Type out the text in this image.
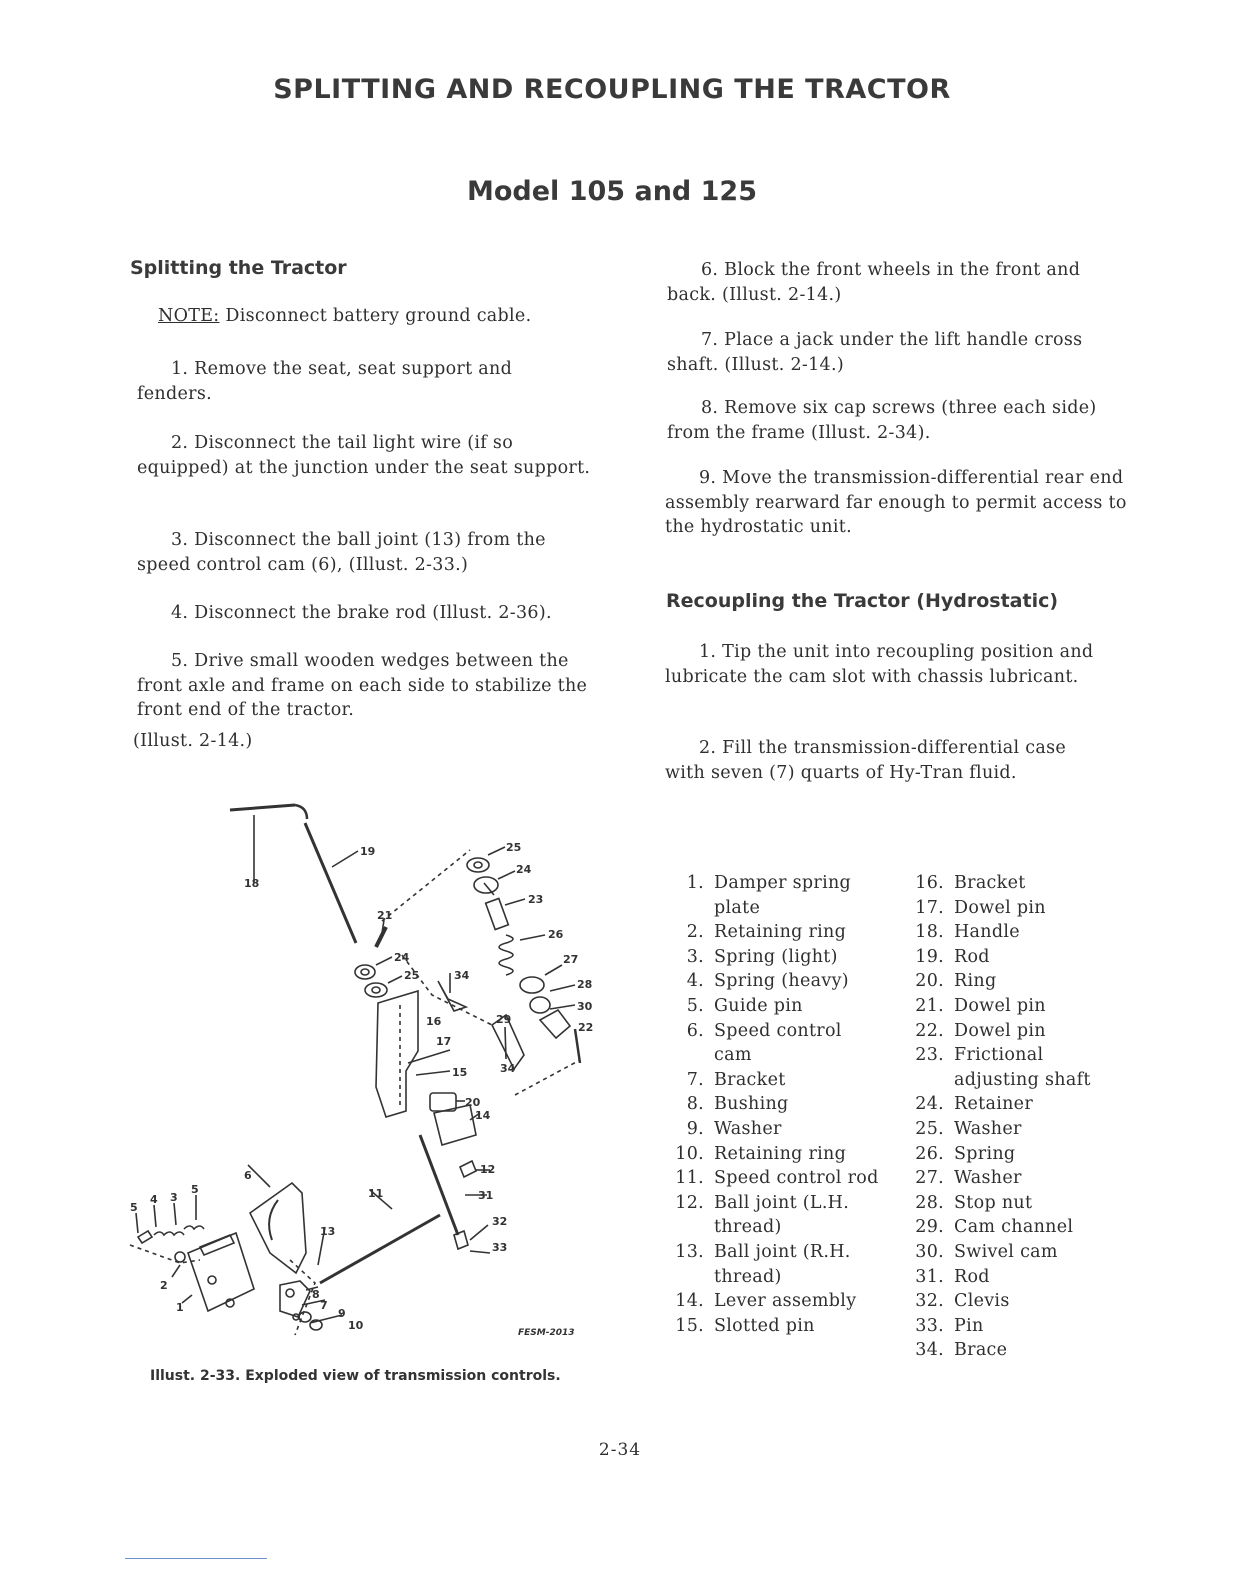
SPLITTING AND RECOUPLING THE TRACTOR
Model 105 and 125
Splitting the Tractor

NOTE: Disconnect battery ground cable.

1. Remove the seat, seat support and fenders.

2. Disconnect the tail light wire (if so equipped) at the junction under the seat support.

3. Disconnect the ball joint (13) from the speed control cam (6), (Illust. 2-33.)

4. Disconnect the brake rod (Illust. 2-36).

5. Drive small wooden wedges between the front axle and frame on each side to stabilize the front end of the tractor.

(Illust. 2-14.)

6. Block the front wheels in the front and back. (Illust. 2-14.)

7. Place a jack under the lift handle cross shaft. (Illust. 2-14.)

8. Remove six cap screws (three each side) from the frame (Illust. 2-34).

9. Move the transmission-differential rear end assembly rearward far enough to permit access to the hydrostatic unit.

Recoupling the Tractor (Hydrostatic)

1. Tip the unit into recoupling position and lubricate the cam slot with chassis lubricant.

2. Fill the transmission-differential case with seven (7) quarts of Hy-Tran fluid.

1. Damper spring plate
2. Retaining ring
3. Spring (light)
4. Spring (heavy)
5. Guide pin
6. Speed control cam
7. Bracket
8. Bushing
9. Washer
10. Retaining ring
11. Speed control rod
12. Ball joint (L.H. thread)
13. Ball joint (R.H. thread)
14. Lever assembly
15. Slotted pin
16. Bracket
17. Dowel pin
18. Handle
19. Rod
20. Ring
21. Dowel pin
22. Dowel pin
23. Frictional adjusting shaft
24. Retainer
25. Washer
26. Spring
27. Washer
28. Stop nut
29. Cam channel
30. Swivel cam
31. Rod
32. Clevis
33. Pin
34. Brace
18
19
21
24
25	34
25
24
23
26
27
28
30
29
22
16
17
15	34
20
14
12
31
32
33
11
6
13
5
4 3
5
2
1
8
7
9
10
FESM-2013
Illust. 2-33. Exploded view of transmission controls.
2-34
